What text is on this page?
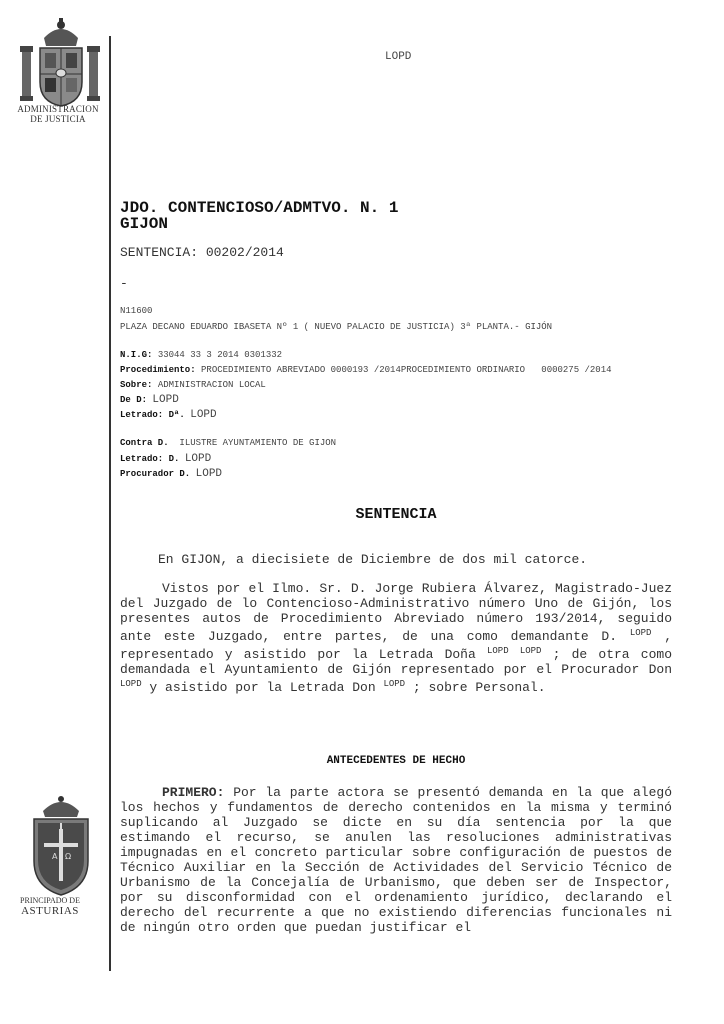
ADMINISTRACION
DE JUSTICIA
LOPD
JDO. CONTENCIOSO/ADMTVO. N. 1
GIJON
SENTENCIA: 00202/2014
-
N11600
PLAZA DECANO EDUARDO IBASETA Nº 1 ( NUEVO PALACIO DE JUSTICIA) 3ª PLANTA.- GIJÓN
N.I.G: 33044 33 3 2014 0301332
Procedimiento: PROCEDIMIENTO ABREVIADO 0000193 /2014PROCEDIMIENTO ORDINARIO   0000275 /2014
Sobre: ADMINISTRACION LOCAL
De D: LOPD
Letrado: Dª. LOPD
Contra D. ILUSTRE AYUNTAMIENTO DE GIJON
Letrado: D. LOPD
Procurador D. LOPD
SENTENCIA
En GIJON, a diecisiete de Diciembre de dos mil catorce.
Vistos por el Ilmo. Sr. D. Jorge Rubiera Álvarez, Magistrado-Juez del Juzgado de lo Contencioso-Administrativo número Uno de Gijón, los presentes autos de Procedimiento Abreviado número 193/2014, seguido ante este Juzgado, entre partes, de una como demandante D. $^{LOPD}$ , representado y asistido por la Letrada Doña $^{LOPD}$ $^{LOPD}$ ; de otra como demandada el Ayuntamiento de Gijón representado por el Procurador Don $^{LOPD}$ y asistido por la Letrada Don $^{LOPD}$ ; sobre Personal.
ANTECEDENTES DE HECHO
PRIMERO: Por la parte actora se presentó demanda en la que alegó los hechos y fundamentos de derecho contenidos en la misma y terminó suplicando al Juzgado se dicte en su día sentencia por la que estimando el recurso, se anulen las resoluciones administrativas impugnadas en el concreto particular sobre configuración de puestos de Técnico Auxiliar en la Sección de Actividades del Servicio Técnico de Urbanismo de la Concejalía de Urbanismo, que deben ser de Inspector, por su disconformidad con el ordenamiento jurídico, declarando el derecho del recurrente a que no existiendo diferencias funcionales ni de ningún otro orden que puedan justificar el
A Ω
PRINCIPADO DE
ASTURIAS
